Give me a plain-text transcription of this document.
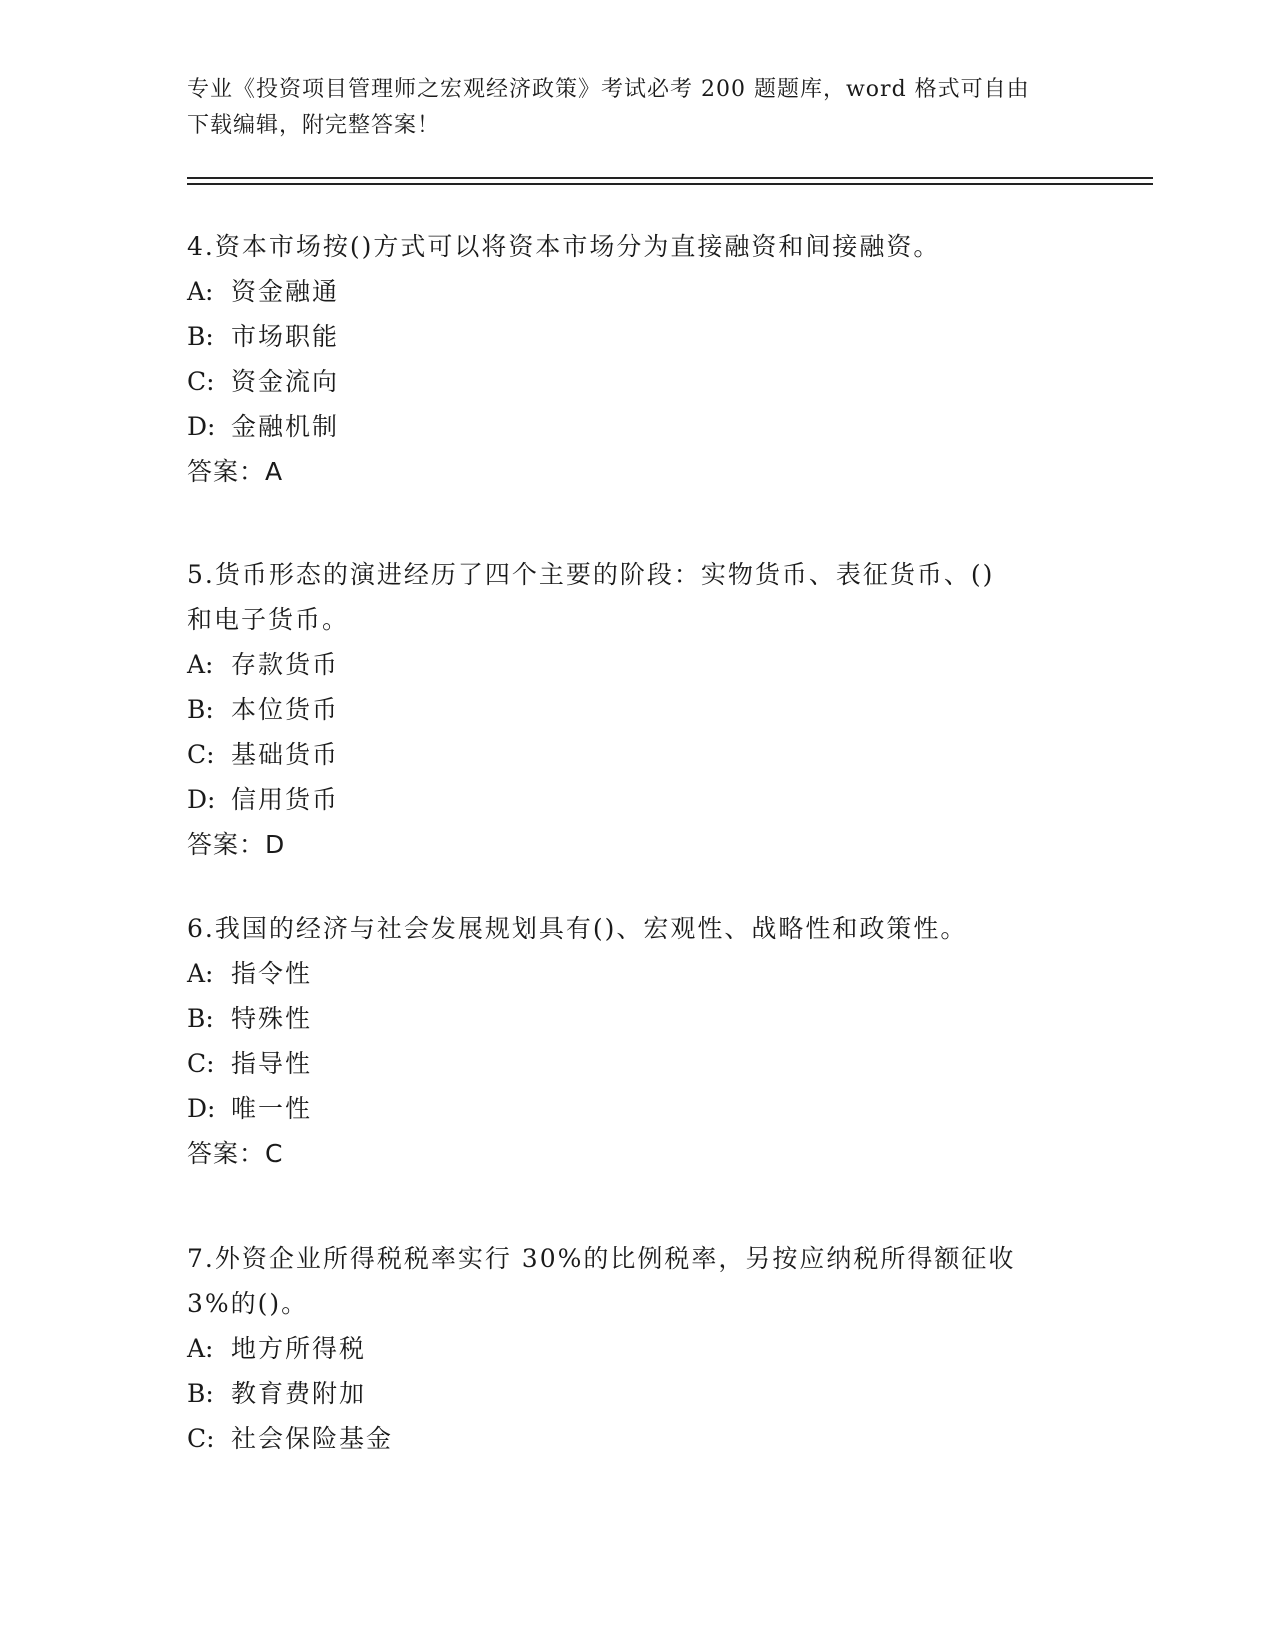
专业《投资项目管理师之宏观经济政策》考试必考 200 题题库，word 格式可自由
下载编辑，附完整答案！

4.资本市场按()方式可以将资本市场分为直接融资和间接融资。

A: 资金融通

B: 市场职能

C: 资金流向

D: 金融机制

答案：A

5.货币形态的演进经历了四个主要的阶段：实物货币、表征货币、()

和电子货币。

A: 存款货币

B: 本位货币

C: 基础货币

D: 信用货币

答案：D

6.我国的经济与社会发展规划具有()、宏观性、战略性和政策性。

A: 指令性

B: 特殊性

C: 指导性

D: 唯一性

答案：C

7.外资企业所得税税率实行 30%的比例税率，另按应纳税所得额征收

3%的()。

A: 地方所得税

B: 教育费附加

C: 社会保险基金
